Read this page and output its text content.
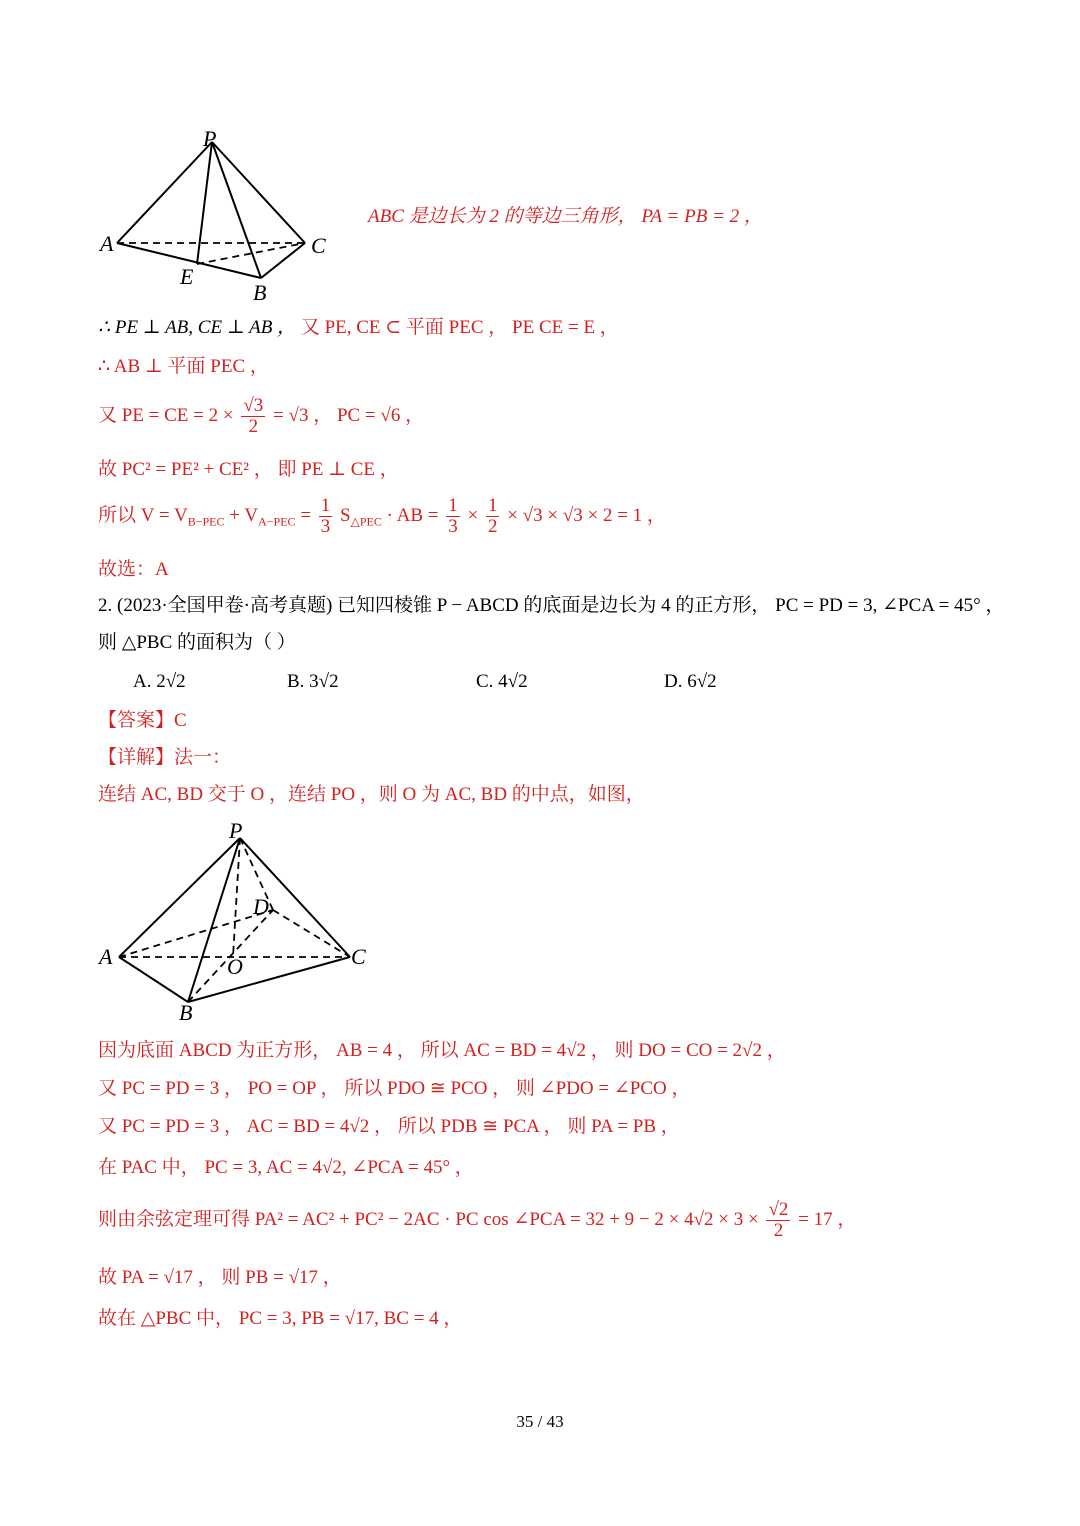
P
A	C
E
B
ABC 是边长为 2 的等边三角形， PA = PB = 2 ，
∴ PE ⊥ AB, CE ⊥ AB ， 又 PE, CE ⊂ 平面 PEC ， PE CE = E ，
∴ AB ⊥ 平面 PEC ，
又 PE = CE = $2 \times \frac{√3}{2} = √3$ ， PC = √6 ，
故 PC² = PE² + CE² ， 即 PE ⊥ CE ，
所以 $V = V_{B-PEC} + V_{A-PEC} = \frac{1}{3} S_{\triangle PEC}$ · AB = $\frac{1}{3} \times \frac{1}{2} \times √3 \times √3 \times 2 = 1$ ，
故选：A
2. (2023·全国甲卷·高考真题) 已知四棱锥 P − ABCD 的底面是边长为 4 的正方形， PC = PD = 3, ∠PCA = 45° ，
则 △PBC 的面积为（ ）
A. 2√2	B. 3√2	C. 4√2	D. 6√2
【答案】C
【详解】法一：
连结 AC, BD 交于 O ，连结 PO ，则 O 为 AC, BD 的中点，如图，
P
D
A	O	C
B
因为底面 ABCD 为正方形， AB = 4 ， 所以 AC = BD = 4√2 ， 则 DO = CO = 2√2 ，
又 PC = PD = 3 ， PO = OP ， 所以 PDO ≅ PCO ， 则 ∠PDO = ∠PCO ，
又 PC = PD = 3 ， AC = BD = 4√2 ， 所以 PDB ≅ PCA ， 则 PA = PB ，
在 PAC 中， PC = 3, AC = 4√2, ∠PCA = 45° ，
则由余弦定理可得 PA² = AC² + PC² − 2AC · PC cos ∠PCA = $32 + 9 - 2 \times 4√2 \times 3 \times \frac{√2}{2} = 17$ ，
故 PA = √17 ， 则 PB = √17 ，
故在 △PBC 中， PC = 3, PB = √17, BC = 4 ，
35 / 43
